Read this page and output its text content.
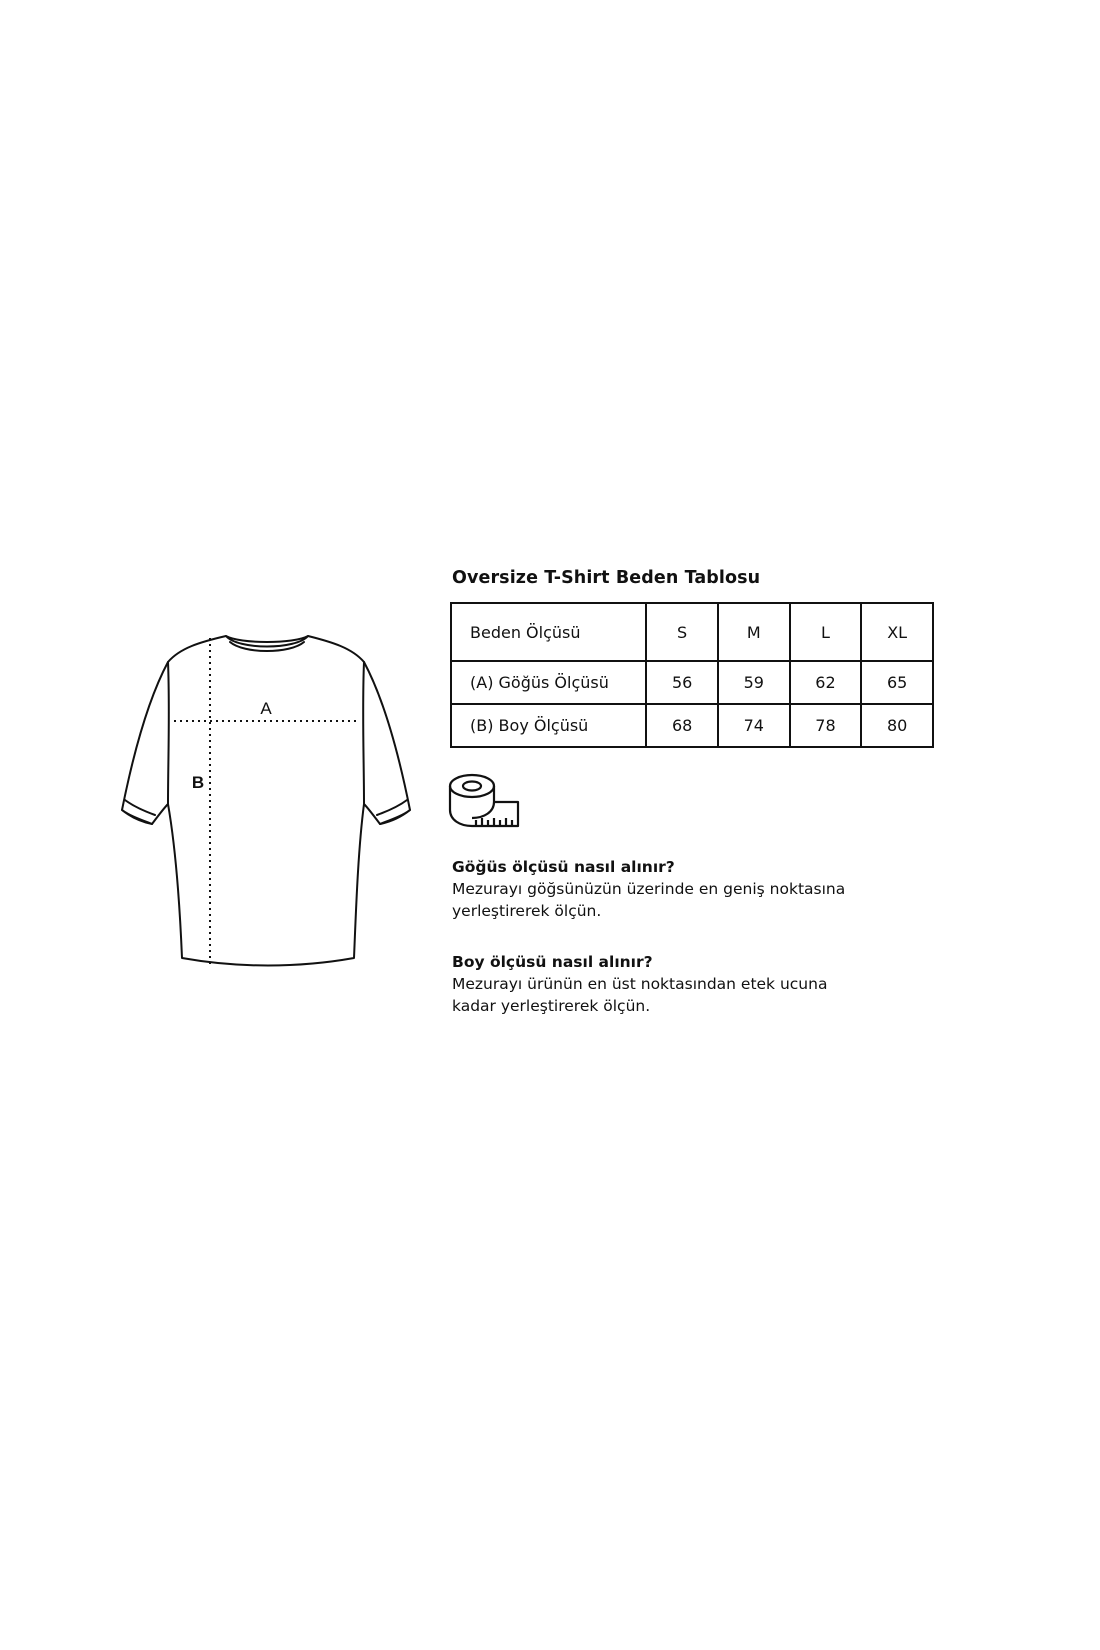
A
B
Oversize T-Shirt Beden Tablosu
Beden Ölçüsü	S	M	L	XL
(A) Göğüs Ölçüsü	56	59	62	65
(B) Boy Ölçüsü	68	74	78	80
Göğüs ölçüsü nasıl alınır?
Mezurayı göğsünüzün üzerinde en geniş noktasına
yerleştirerek ölçün.
Boy ölçüsü nasıl alınır?
Mezurayı ürünün en üst noktasından etek ucuna
kadar yerleştirerek ölçün.
